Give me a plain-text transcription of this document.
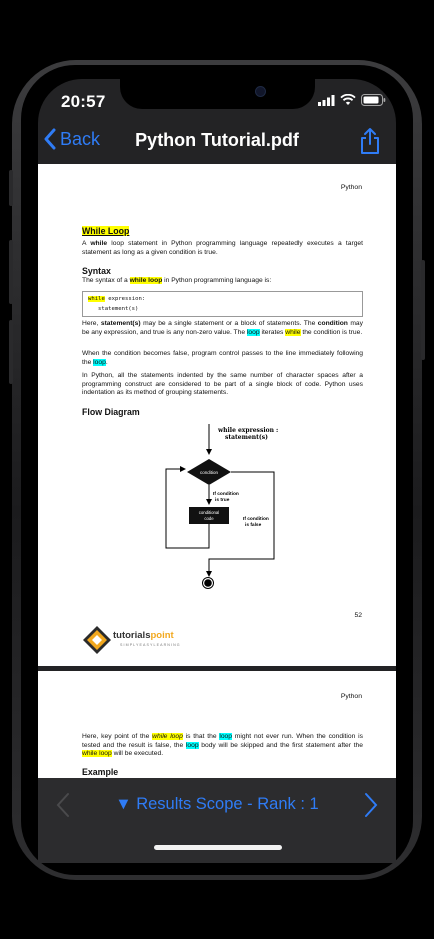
20:57
Back	Python Tutorial.pdf
Python
While Loop
A while loop statement in Python programming language repeatedly executes a target statement as long as a given condition is true.
Syntax
The syntax of a while loop in Python programming language is:
while expression:
statement(s)
Here, statement(s) may be a single statement or a block of statements. The condition may be any expression, and true is any non-zero value. The loop iterates while the condition is true.
When the condition becomes false, program control passes to the line immediately following the loop.
In Python, all the statements indented by the same number of character spaces after a programming construct are considered to be part of a single block of code. Python uses indentation as its method of grouping statements.
Flow Diagram
while expression :
statement(s)
condition
If condition
is true
conditional
code	If condition
is false
52
tutorialspoint
SIMPLYEASYLEARNING
Python
Here, key point of the while loop is that the loop might not ever run. When the condition is tested and the result is false, the loop body will be skipped and the first statement after the while loop will be executed.
Example
▼ Results Scope - Rank : 1
